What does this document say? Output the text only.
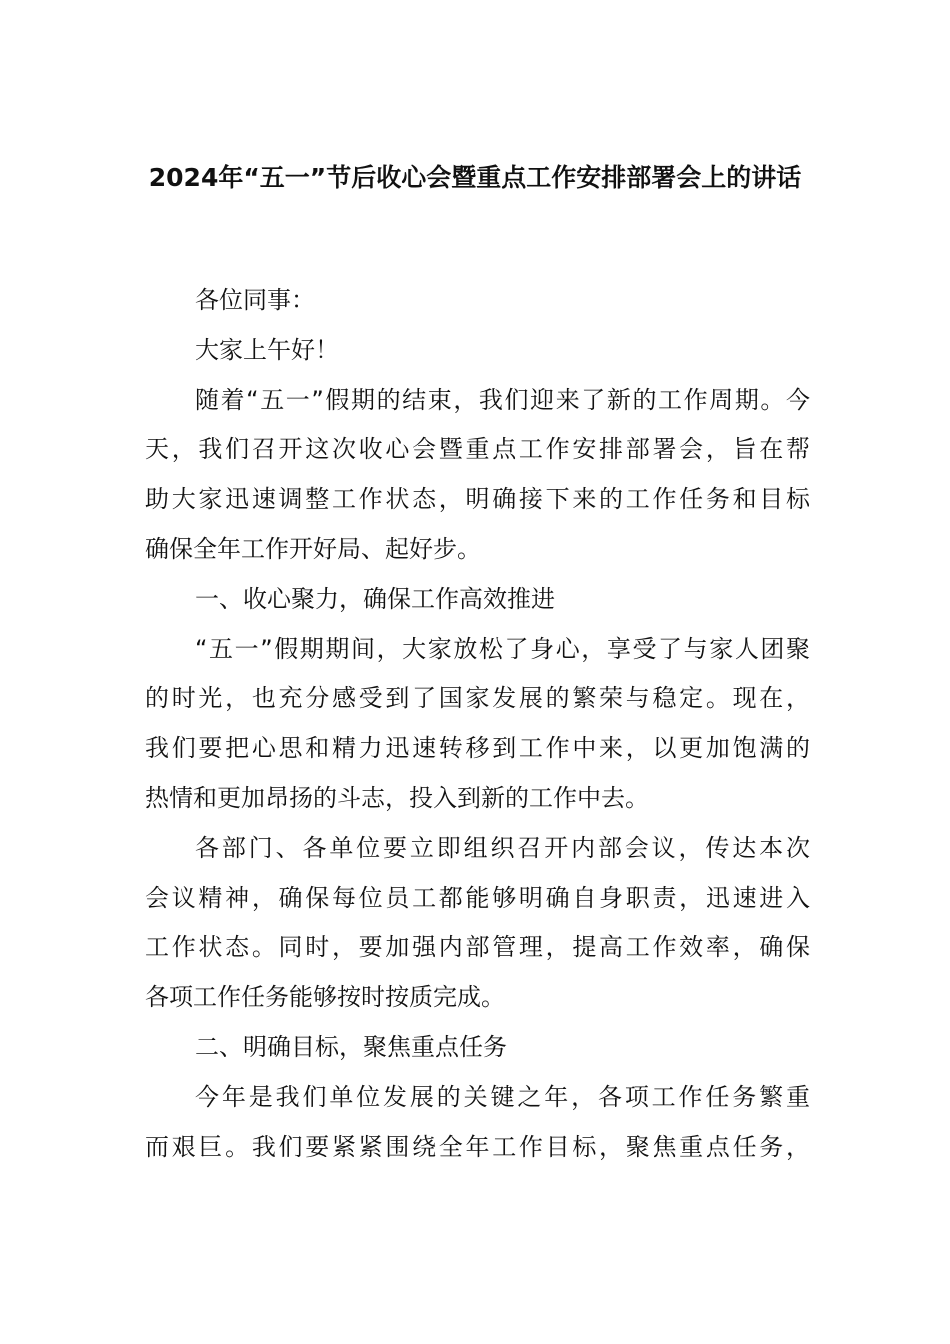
2024年“五一”节后收心会暨重点工作安排部署会上的讲话
各位同事：
大家上午好！
随着“五一”假期的结束，我们迎来了新的工作周期。今
天，我们召开这次收心会暨重点工作安排部署会，旨在帮
助大家迅速调整工作状态，明确接下来的工作任务和目标
确保全年工作开好局、起好步。
一、收心聚力，确保工作高效推进
“五一”假期期间，大家放松了身心，享受了与家人团聚
的时光，也充分感受到了国家发展的繁荣与稳定。现在，
我们要把心思和精力迅速转移到工作中来，以更加饱满的
热情和更加昂扬的斗志，投入到新的工作中去。
各部门、各单位要立即组织召开内部会议，传达本次
会议精神，确保每位员工都能够明确自身职责，迅速进入
工作状态。同时，要加强内部管理，提高工作效率，确保
各项工作任务能够按时按质完成。
二、明确目标，聚焦重点任务
今年是我们单位发展的关键之年，各项工作任务繁重
而艰巨。我们要紧紧围绕全年工作目标，聚焦重点任务，
